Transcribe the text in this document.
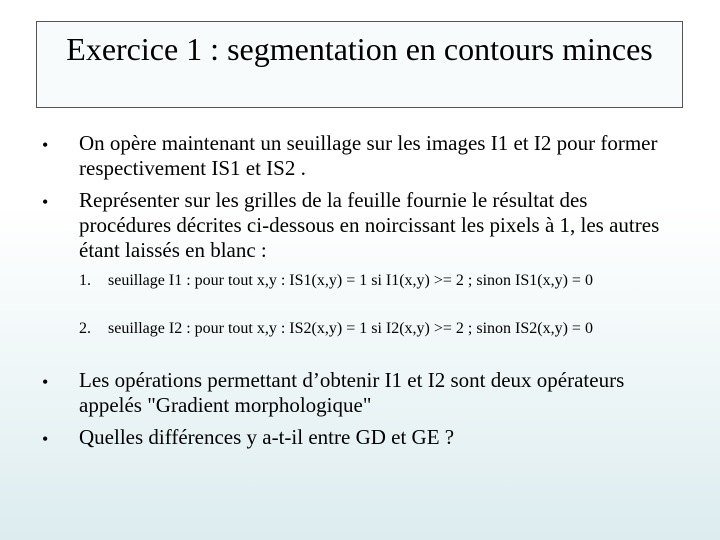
Exercice 1 : segmentation en contours minces
• On opère maintenant un seuillage sur les images I1 et I2 pour former respectivement IS1 et IS2 .
• Représenter sur les grilles de la feuille fournie le résultat des procédures décrites ci-dessous en noircissant les pixels à 1, les autres étant laissés en blanc :
1. seuillage I1 : pour tout x,y : IS1(x,y) = 1 si I1(x,y) >= 2 ; sinon IS1(x,y) = 0
2. seuillage I2 : pour tout x,y : IS2(x,y) = 1 si I2(x,y) >= 2 ; sinon IS2(x,y) = 0
• Les opérations permettant d’obtenir I1 et I2 sont deux opérateurs appelés "Gradient morphologique"
• Quelles différences y a-t-il entre GD et GE ?
